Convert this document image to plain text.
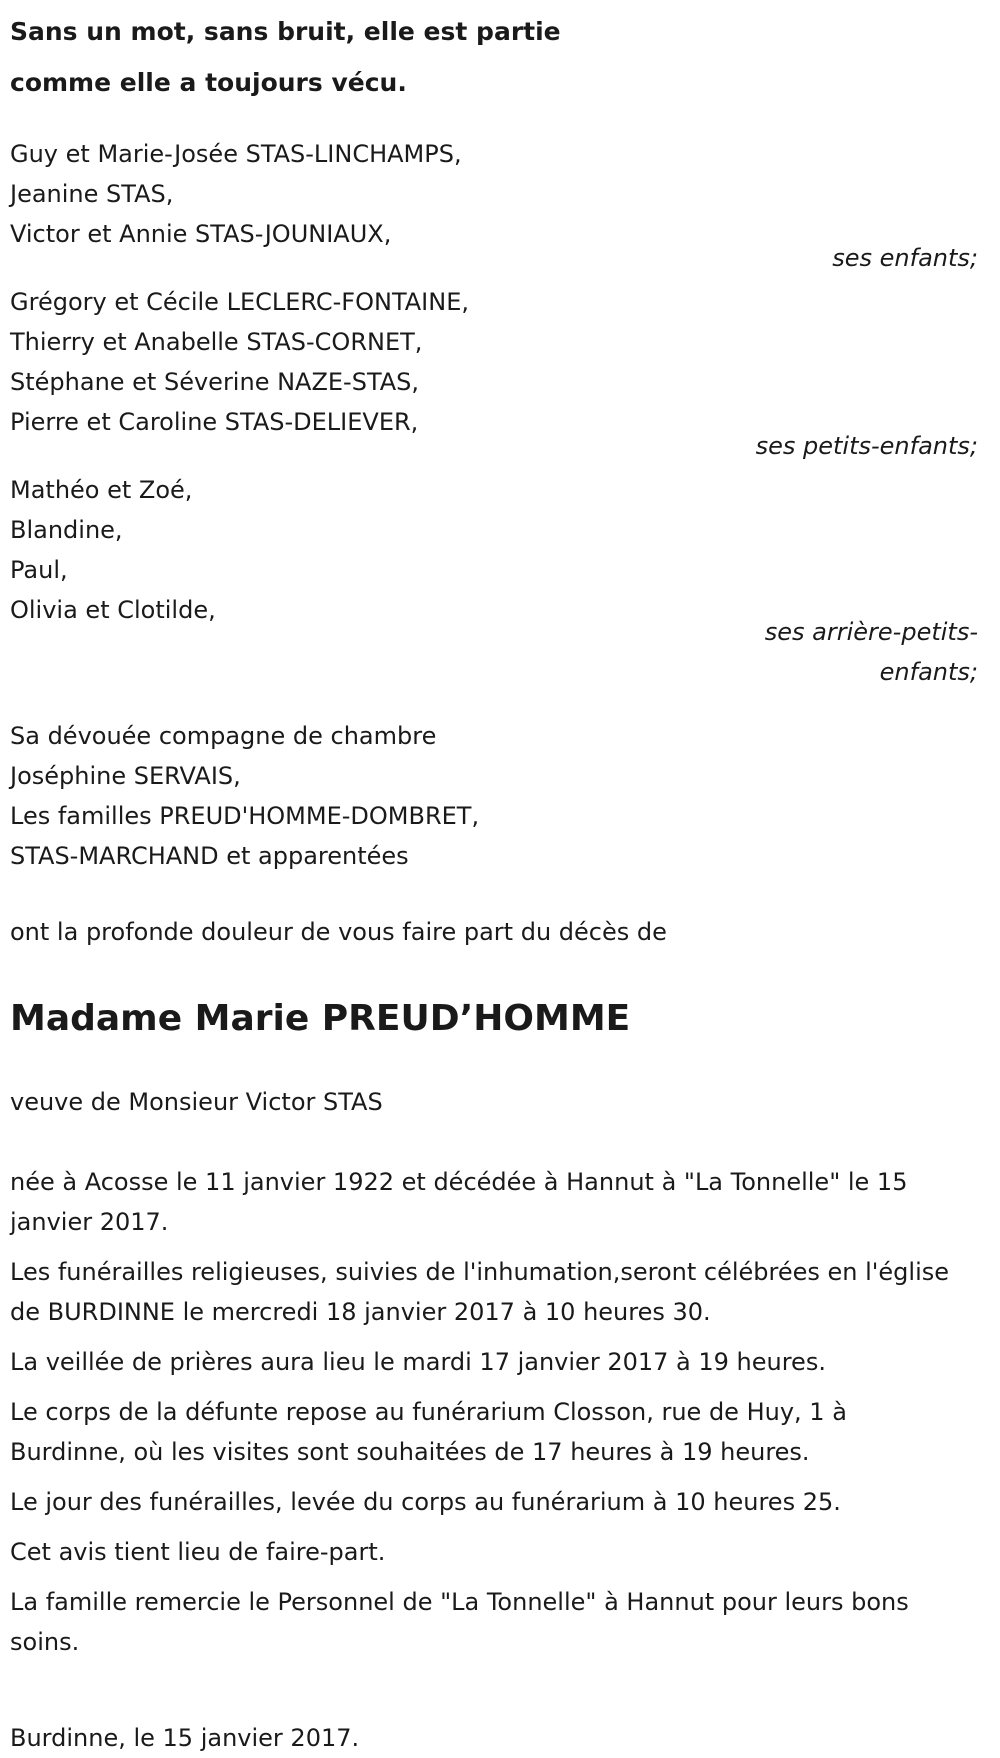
Sans un mot, sans bruit, elle est partie
comme elle a toujours vécu.
Guy et Marie-Josée STAS-LINCHAMPS,
Jeanine STAS,
Victor et Annie STAS-JOUNIAUX,
ses enfants;
Grégory et Cécile LECLERC-FONTAINE,
Thierry et Anabelle STAS-CORNET,
Stéphane et Séverine NAZE-STAS,
Pierre et Caroline STAS-DELIEVER,
ses petits-enfants;
Mathéo et Zoé,
Blandine,
Paul,
Olivia et Clotilde,
ses arrière-petits-
enfants;
Sa dévouée compagne de chambre
Joséphine SERVAIS,
Les familles PREUD'HOMME-DOMBRET,
STAS-MARCHAND et apparentées
ont la profonde douleur de vous faire part du décès de
Madame Marie PREUD’HOMME
veuve de Monsieur Victor STAS

née à Acosse le 11 janvier 1922 et décédée à Hannut à "La Tonnelle" le 15 janvier 2017.

Les funérailles religieuses, suivies de l'inhumation,seront célébrées en l'église de BURDINNE le mercredi 18 janvier 2017 à 10 heures 30.

La veillée de prières aura lieu le mardi 17 janvier 2017 à 19 heures.

Le corps de la défunte repose au funérarium Closson, rue de Huy, 1 à Burdinne, où les visites sont souhaitées de 17 heures à 19 heures.

Le jour des funérailles, levée du corps au funérarium à 10 heures 25.

Cet avis tient lieu de faire-part.

La famille remercie le Personnel de "La Tonnelle" à Hannut pour leurs bons soins.

Burdinne, le 15 janvier 2017.
